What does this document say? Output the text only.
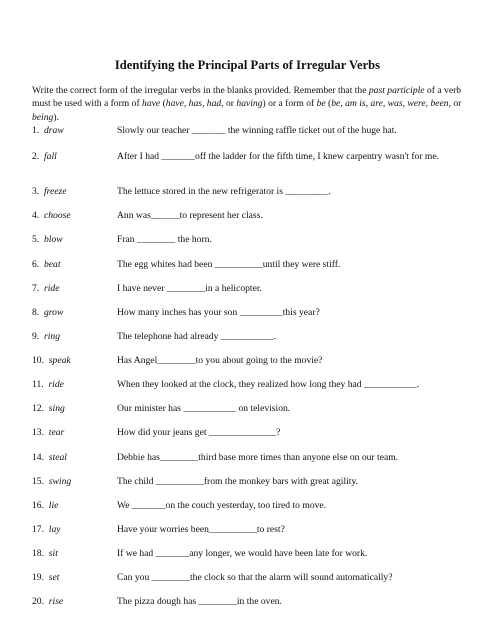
Identifying the Principal Parts of Irregular Verbs
Write the correct form of the irregular verbs in the blanks provided. Remember that the past participle of a verb must be used with a form of have (have, has, had, or having) or a form of be (be, am is, are, was, were, been, or being).
1. draw	Slowly our teacher _______ the winning raffle ticket out of the huge hat.
2. fall	After I had _______off the ladder for the fifth time, I knew carpentry wasn't for me.
3. freeze	The lettuce stored in the new refrigerator is _________.
4. choose	Ann was______to represent her class.
5. blow	Fran ________ the horn.
6. beat	The egg whites had been __________until they were stiff.
7. ride	I have never ________in a helicopter.
8. grow	How many inches has your son _________this year?
9. ring	The telephone had already ___________.
10. speak	Has Angel________to you about going to the movie?
11. ride	When they looked at the clock, they realized how long they had ___________.
12. sing	Our minister has ___________ on television.
13. tear	How did your jeans get ______________?
14. steal	Debbie has________third base more times than anyone else on our team.
15. swing	The child __________from the monkey bars with great agility.
16. lie	We _______on the couch yesterday, too tired to move.
17. lay	Have your worries been__________to rest?
18. sit	If we had _______any longer, we would have been late for work.
19. set	Can you ________the clock so that the alarm will sound automatically?
20. rise	The pizza dough has ________in the oven.
